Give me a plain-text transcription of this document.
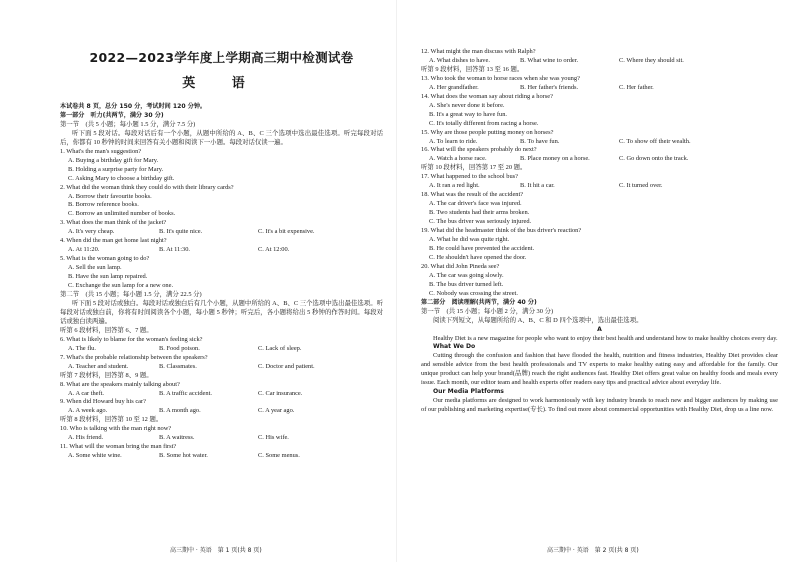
2022—2023学年度上学期高三期中检测试卷
英 语
本试卷共 8 页，总分 150 分，考试时间 120 分钟。
第一部分　听力(共两节，满分 30 分)
第一节　(共 5 小题；每小题 1.5 分，满分 7.5 分)
听下面 5 段对话。每段对话后有一个小题，从题中所给的 A、B、C 三个选项中选出最佳选项。听完每段对话后，你都有 10 秒钟的时间来回答有关小题和阅读下一小题。每段对话仅读一遍。
1. What's the man's suggestion?
A. Buying a birthday gift for Mary.
B. Holding a surprise party for Mary.
C. Asking Mary to choose a birthday gift.
2. What did the woman think they could do with their library cards?
A. Borrow their favourite books.
B. Borrow reference books.
C. Borrow an unlimited number of books.
3. What does the man think of the jacket?
A. It's very cheap.	B. It's quite nice.	C. It's a bit expensive.
4. When did the man get home last night?
A. At 11:20.	B. At 11:30.	C. At 12:00.
5. What is the woman going to do?
A. Sell the sun lamp.
B. Have the sun lamp repaired.
C. Exchange the sun lamp for a new one.
第二节　(共 15 小题；每小题 1.5 分，满分 22.5 分)
听下面 5 段对话或独白。每段对话或独白后有几个小题，从题中所给的 A、B、C 三个选项中选出最佳选项。听每段对话或独白前，你将有时间阅读各个小题，每小题 5 秒钟；听完后，各小题将给出 5 秒钟的作答时间。每段对话或独白读两遍。
听第 6 段材料，回答第 6、7 题。
6. What is likely to blame for the woman's feeling sick?
A. The flu.	B. Food poison.	C. Lack of sleep.
7. What's the probable relationship between the speakers?
A. Teacher and student.	B. Classmates.	C. Doctor and patient.
听第 7 段材料，回答第 8、9 题。
8. What are the speakers mainly talking about?
A. A car theft.	B. A traffic accident.	C. Car insurance.
9. When did Howard buy his car?
A. A week ago.	B. A month ago.	C. A year ago.
听第 8 段材料，回答第 10 至 12 题。
10. Who is talking with the man right now?
A. His friend.	B. A waitress.	C. His wife.
11. What will the woman bring the man first?
A. Some white wine.	B. Some hot water.	C. Some menus.
高三期中 · 英语　第 1 页(共 8 页)
12. What might the man discuss with Ralph?
A. What dishes to have.	B. What wine to order.	C. Where they should sit.
听第 9 段材料，回答第 13 至 16 题。
13. Who took the woman to horse races when she was young?
A. Her grandfather.	B. Her father's friends.	C. Her father.
14. What does the woman say about riding a horse?
A. She's never done it before.
B. It's a great way to have fun.
C. It's totally different from racing a horse.
15. Why are those people putting money on horses?
A. To learn to ride.	B. To have fun.	C. To show off their wealth.
16. What will the speakers probably do next?
A. Watch a horse race.	B. Place money on a horse.	C. Go down onto the track.
听第 10 段材料，回答第 17 至 20 题。
17. What happened to the school bus?
A. It ran a red light.	B. It hit a car.	C. It turned over.
18. What was the result of the accident?
A. The car driver's face was injured.
B. Two students had their arms broken.
C. The bus driver was seriously injured.
19. What did the headmaster think of the bus driver's reaction?
A. What he did was quite right.
B. He could have prevented the accident.
C. He shouldn't have opened the door.
20. What did John Pineda see?
A. The car was going slowly.
B. The bus driver turned left.
C. Nobody was crossing the street.
第二部分　阅读理解(共两节，满分 40 分)
第一节　(共 15 小题；每小题 2 分，满分 30 分)
阅读下列短文，从每题所给的 A、B、C 和 D 四个选项中，选出最佳选项。
A
Healthy Diet is a new magazine for people who want to enjoy their best health and understand how to make healthy choices every day.
What We Do
Cutting through the confusion and fashion that have flooded the health, nutrition and fitness industries, Healthy Diet provides clear and sensible advice from the best health professionals and TV experts to make healthy eating easy and affordable for the family. Our unique product can help your brand(品牌) reach the right audiences fast. Healthy Diet offers great value on healthy foods and meals every issue. Each month, our editor team and health experts offer readers easy tips and practical advice about everyday life.
Our Media Platforms
Our media platforms are designed to work harmoniously with key industry brands to reach new and bigger audiences by making use of our publishing and marketing expertise(专长). To find out more about commercial opportunities with Healthy Diet, drop us a line now.
高三期中 · 英语　第 2 页(共 8 页)
